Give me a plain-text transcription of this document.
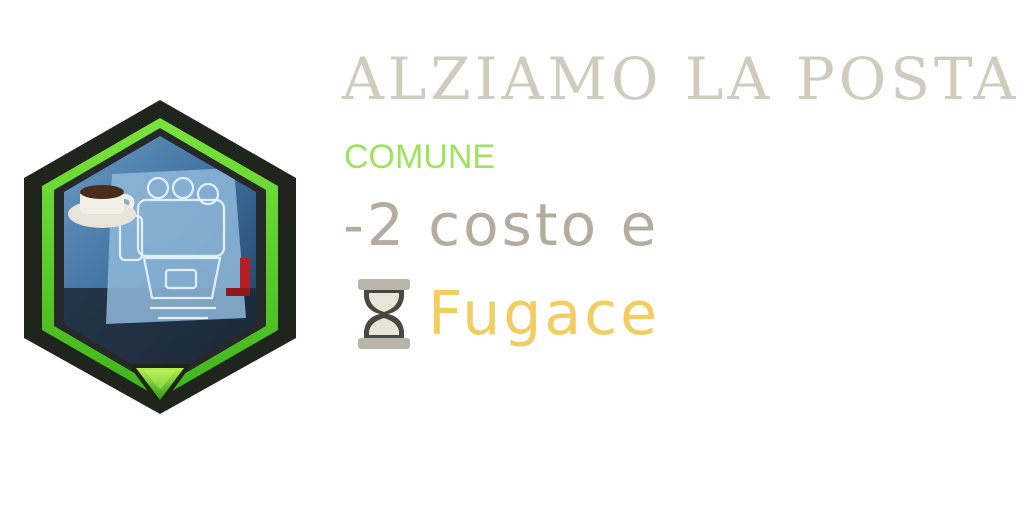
ALZIAMO LA POSTA
COMUNE
-2 costo e
Fugace
